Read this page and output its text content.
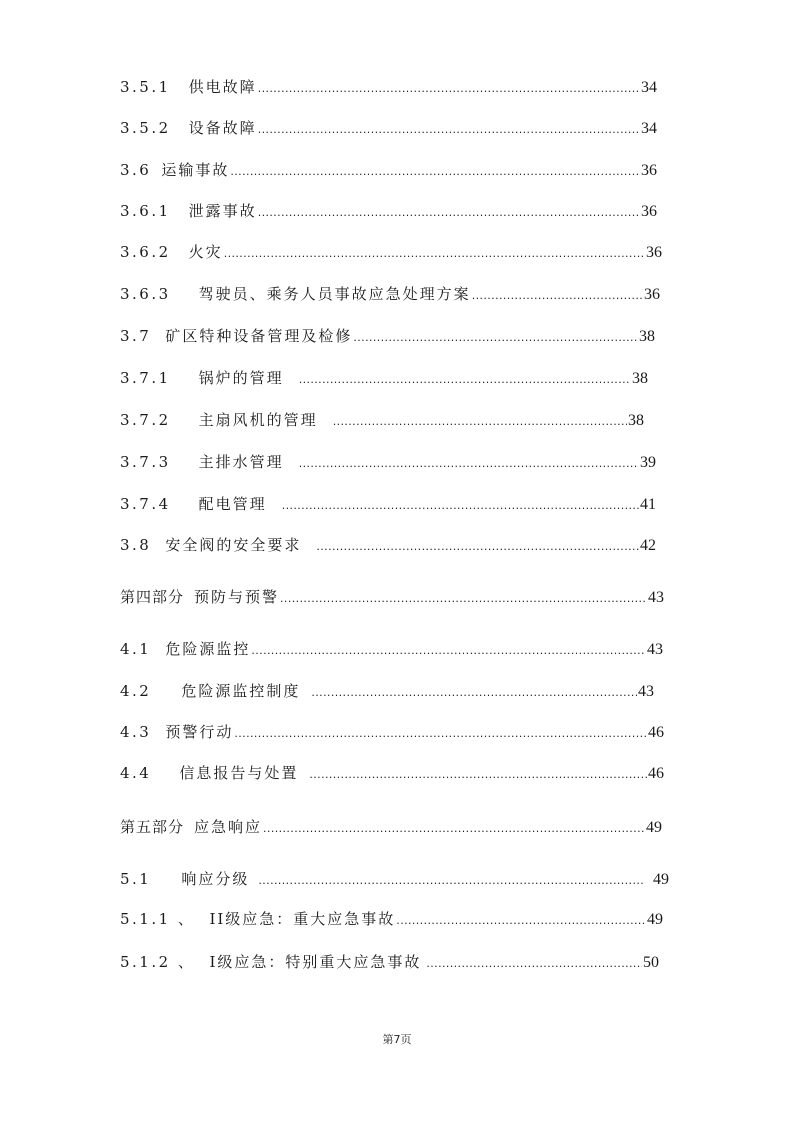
3.5.1 供电故障 .....	34
3.5.2 设备故障 .....	34
3.6 运输事故 .....	36
3.6.1 泄露事故 .....	36
3.6.2 火灾 .....	36
3.6.3 驾驶员、乘务人员事故应急处理方案 .....	36
3.7 矿区特种设备管理及检修 .....	38
3.7.1 锅炉的管理 .....	38
3.7.2 主扇风机的管理 .....	38
3.7.3 主排水管理 .....	39
3.7.4 配电管理 .....	41
3.8 安全阀的安全要求 .....	42
第四部分 预防与预警 .....	43
4.1 危险源监控 .....	43
4.2 危险源监控制度 .....	43
4.3 预警行动 .....	46
4.4 信息报告与处置 .....	46
第五部分 应急响应 .....	49
5.1 响应分级 .....	49
5.1.1 、 II级应急：重大应急事故 .....	49
5.1.2 、 I级应急：特别重大应急事故 .....	50
第7页
